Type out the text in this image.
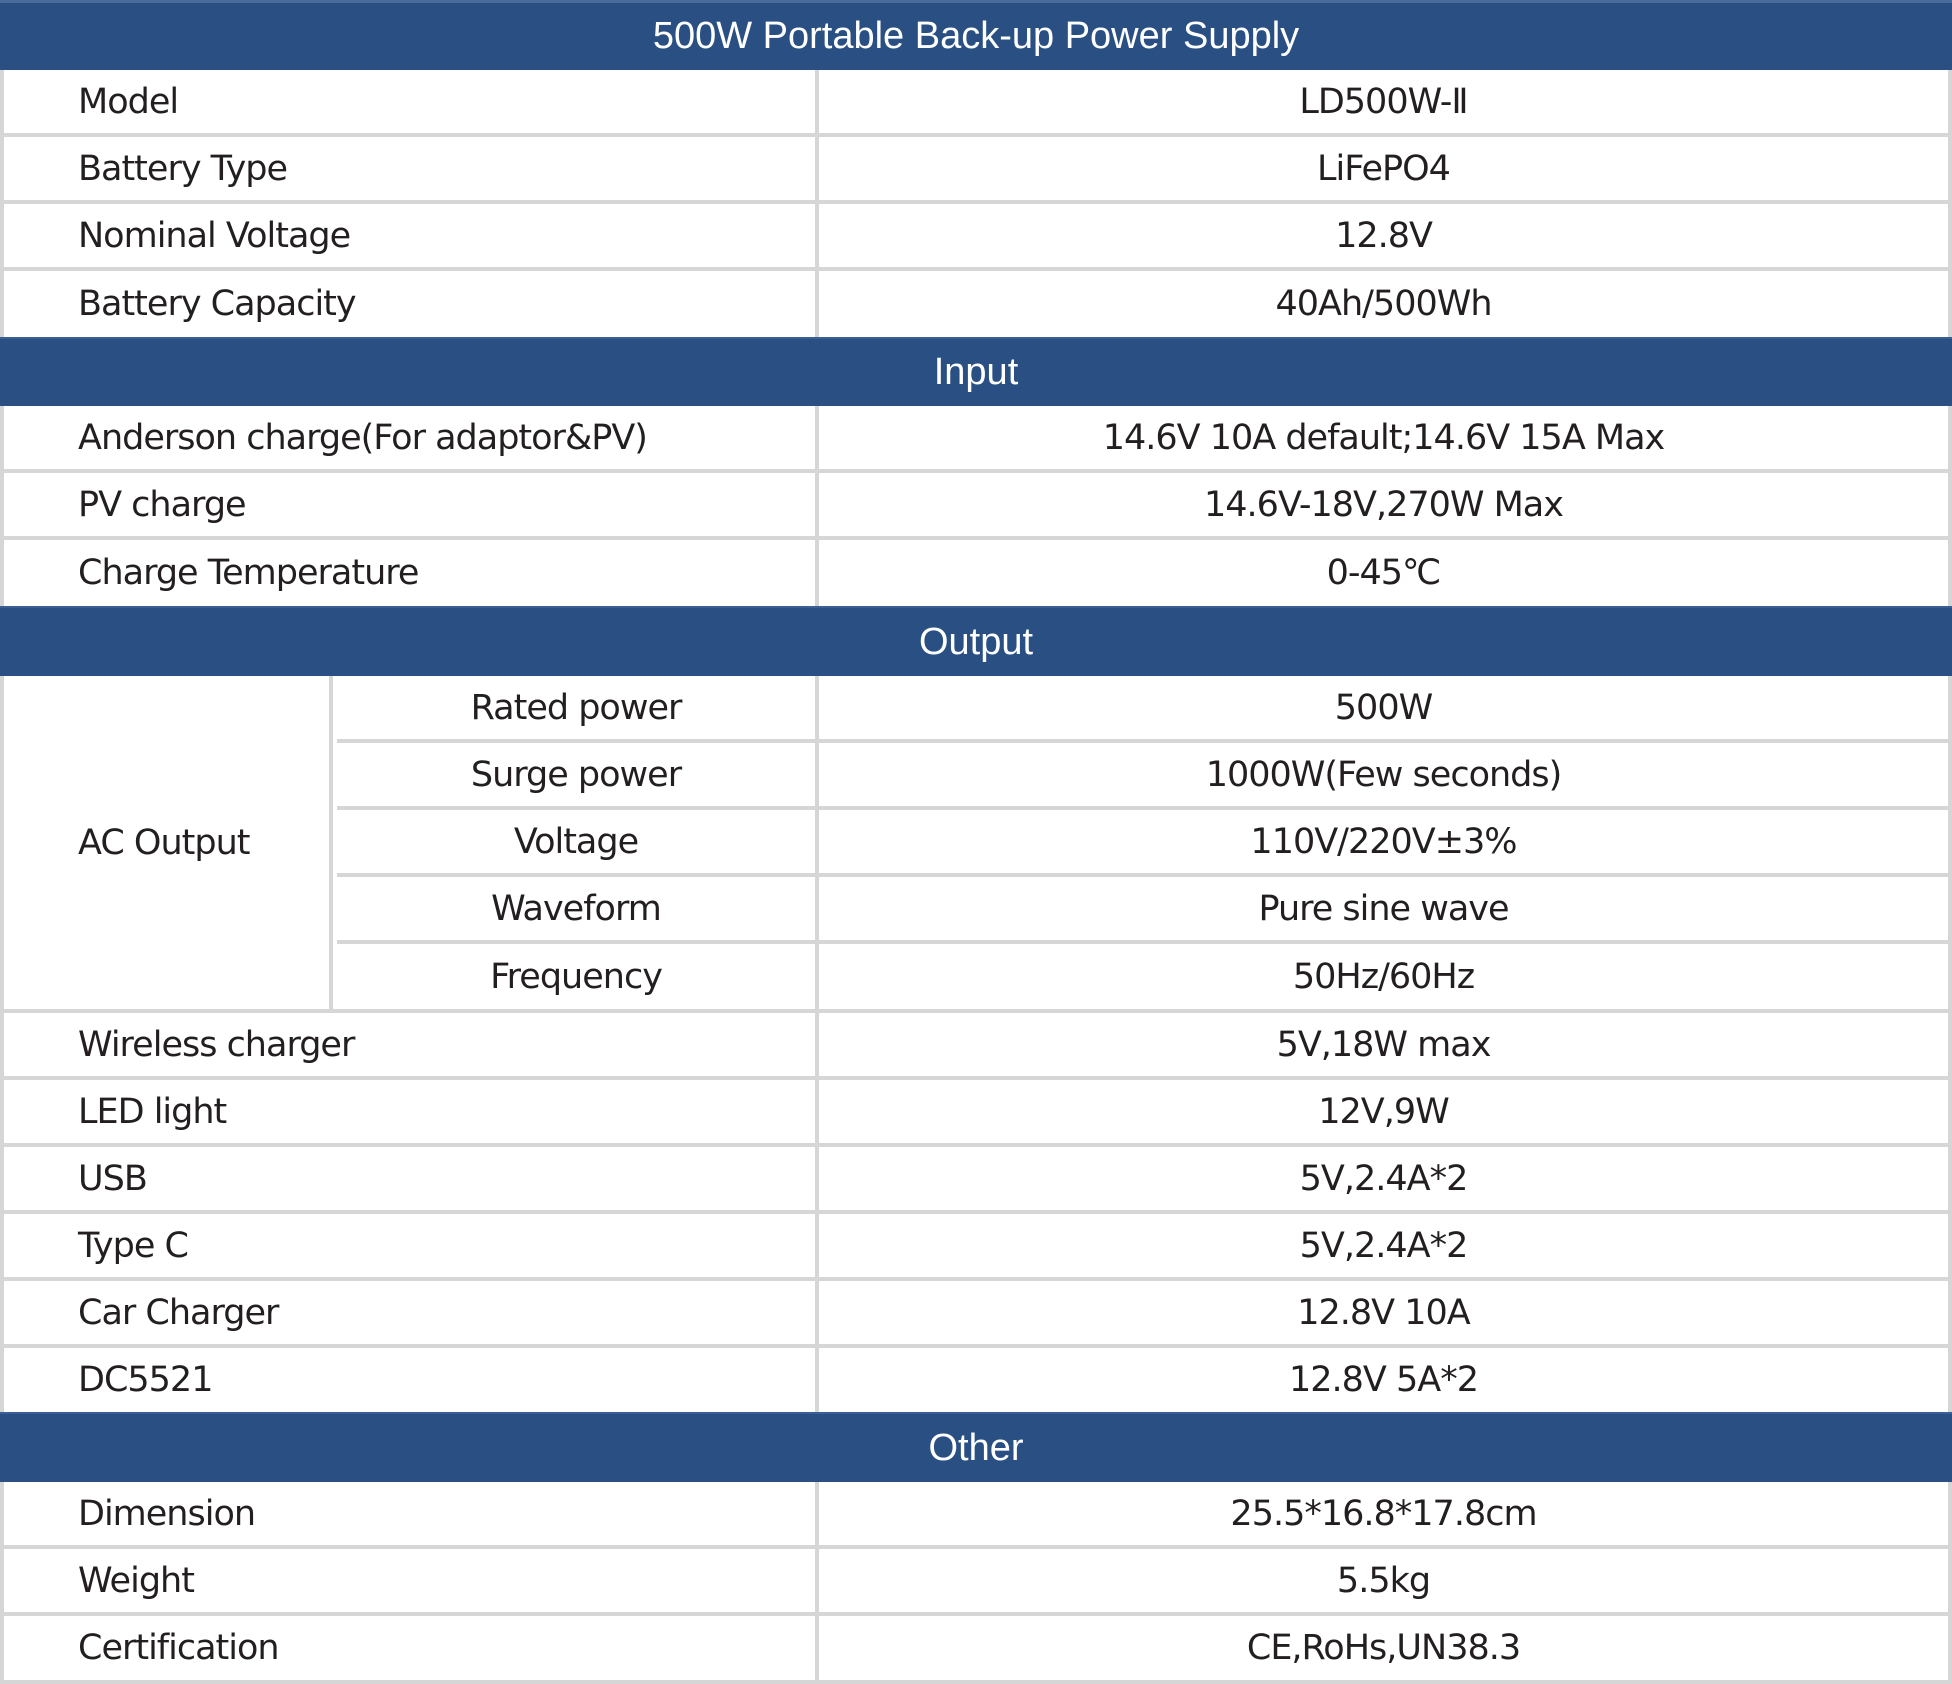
500W Portable Back-up Power Supply
Model	LD500W-Ⅱ
Battery Type	LiFePO4
Nominal Voltage	12.8V
Battery Capacity	40Ah/500Wh
Input
Anderson charge(For adaptor&PV)	14.6V 10A default;14.6V 15A Max
PV charge	14.6V-18V,270W Max
Charge Temperature	0-45℃
Output
AC Output
Rated power	500W
Surge power	1000W(Few seconds)
Voltage	110V/220V±3%
Waveform	Pure sine wave
Frequency	50Hz/60Hz
Wireless charger	5V,18W max
LED light	12V,9W
USB	5V,2.4A*2
Type C	5V,2.4A*2
Car Charger	12.8V 10A
DC5521	12.8V 5A*2
Other
Dimension	25.5*16.8*17.8cm
Weight	5.5kg
Certification	CE,RoHs,UN38.3
